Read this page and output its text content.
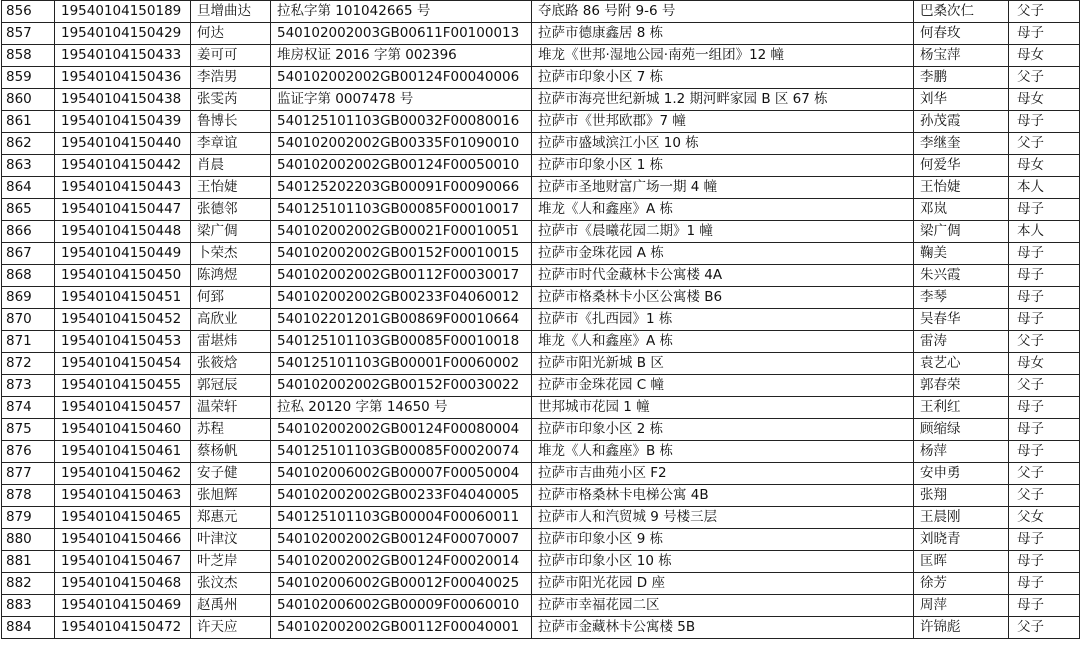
856	19540104150189	旦增曲达	拉私字第 101042665 号	夺底路 86 号附 9-6 号	巴桑次仁	父子
857	19540104150429	何达	540102002003GB00611F00100013	拉萨市德康鑫居 8 栋	何春玫	母子
858	19540104150433	姜可可	堆房权证 2016 字第 002396	堆龙《世邦·湿地公园·南苑一组团》12 幢	杨宝萍	母女
859	19540104150436	李浩男	540102002002GB00124F00040006	拉萨市印象小区 7 栋	李鹏	父子
860	19540104150438	张雯芮	监证字第 0007478 号	拉萨市海亮世纪新城 1.2 期河畔家园 B 区 67 栋	刘华	母女
861	19540104150439	鲁博长	540125101103GB00032F00080016	拉萨市《世邦欧郡》7 幢	孙茂霞	母子
862	19540104150440	李章谊	540102002002GB00335F01090010	拉萨市盛域滨江小区 10 栋	李继奎	父子
863	19540104150442	肖晨	540102002002GB00124F00050010	拉萨市印象小区 1 栋	何爱华	母女
864	19540104150443	王怡婕	540125202203GB00091F00090066	拉萨市圣地财富广场一期 4 幢	王怡婕	本人
865	19540104150447	张德邻	540125101103GB00085F00010017	堆龙《人和鑫座》A 栋	邓岚	母子
866	19540104150448	梁广倜	540102002002GB00021F00010051	拉萨市《晨曦花园二期》1 幢	梁广倜	本人
867	19540104150449	卜荣杰	540102002002GB00152F00010015	拉萨市金珠花园 A 栋	鞠美	母子
868	19540104150450	陈鸿煜	540102002002GB00112F00030017	拉萨市时代金藏林卡公寓楼 4A	朱兴霞	母子
869	19540104150451	何郅	540102002002GB00233F04060012	拉萨市格桑林卡小区公寓楼 B6	李琴	母子
870	19540104150452	高欣业	540102201201GB00869F00010664	拉萨市《扎西园》1 栋	吴春华	母子
871	19540104150453	雷堪炜	540125101103GB00085F00010018	堆龙《人和鑫座》A 栋	雷涛	父子
872	19540104150454	张筱焓	540125101103GB00001F00060002	拉萨市阳光新城 B 区	袁艺心	母女
873	19540104150455	郭冠辰	540102002002GB00152F00030022	拉萨市金珠花园 C 幢	郭春荣	父子
874	19540104150457	温荣轩	拉私 20120 字第 14650 号	世邦城市花园 1 幢	王利红	母子
875	19540104150460	苏程	540102002002GB00124F00080004	拉萨市印象小区 2 栋	顾缩绿	母子
876	19540104150461	蔡杨帆	540125101103GB00085F00020074	堆龙《人和鑫座》B 栋	杨萍	母子
877	19540104150462	安子健	540102006002GB00007F00050004	拉萨市吉曲苑小区 F2	安申勇	父子
878	19540104150463	张旭辉	540102002002GB00233F04040005	拉萨市格桑林卡电梯公寓 4B	张翔	父子
879	19540104150465	郑惠元	540125101103GB00004F00060011	拉萨市人和汽贸城 9 号楼三层	王晨刚	父女
880	19540104150466	叶津汶	540102002002GB00124F00070007	拉萨市印象小区 9 栋	刘晓青	母子
881	19540104150467	叶芝岸	540102002002GB00124F00020014	拉萨市印象小区 10 栋	匡晖	母子
882	19540104150468	张汶杰	540102006002GB00012F00040025	拉萨市阳光花园 D 座	徐芳	母子
883	19540104150469	赵禹州	540102006002GB00009F00060010	拉萨市幸福花园二区	周萍	母子
884	19540104150472	许天应	540102002002GB00112F00040001	拉萨市金藏林卡公寓楼 5B	许锦彪	父子
